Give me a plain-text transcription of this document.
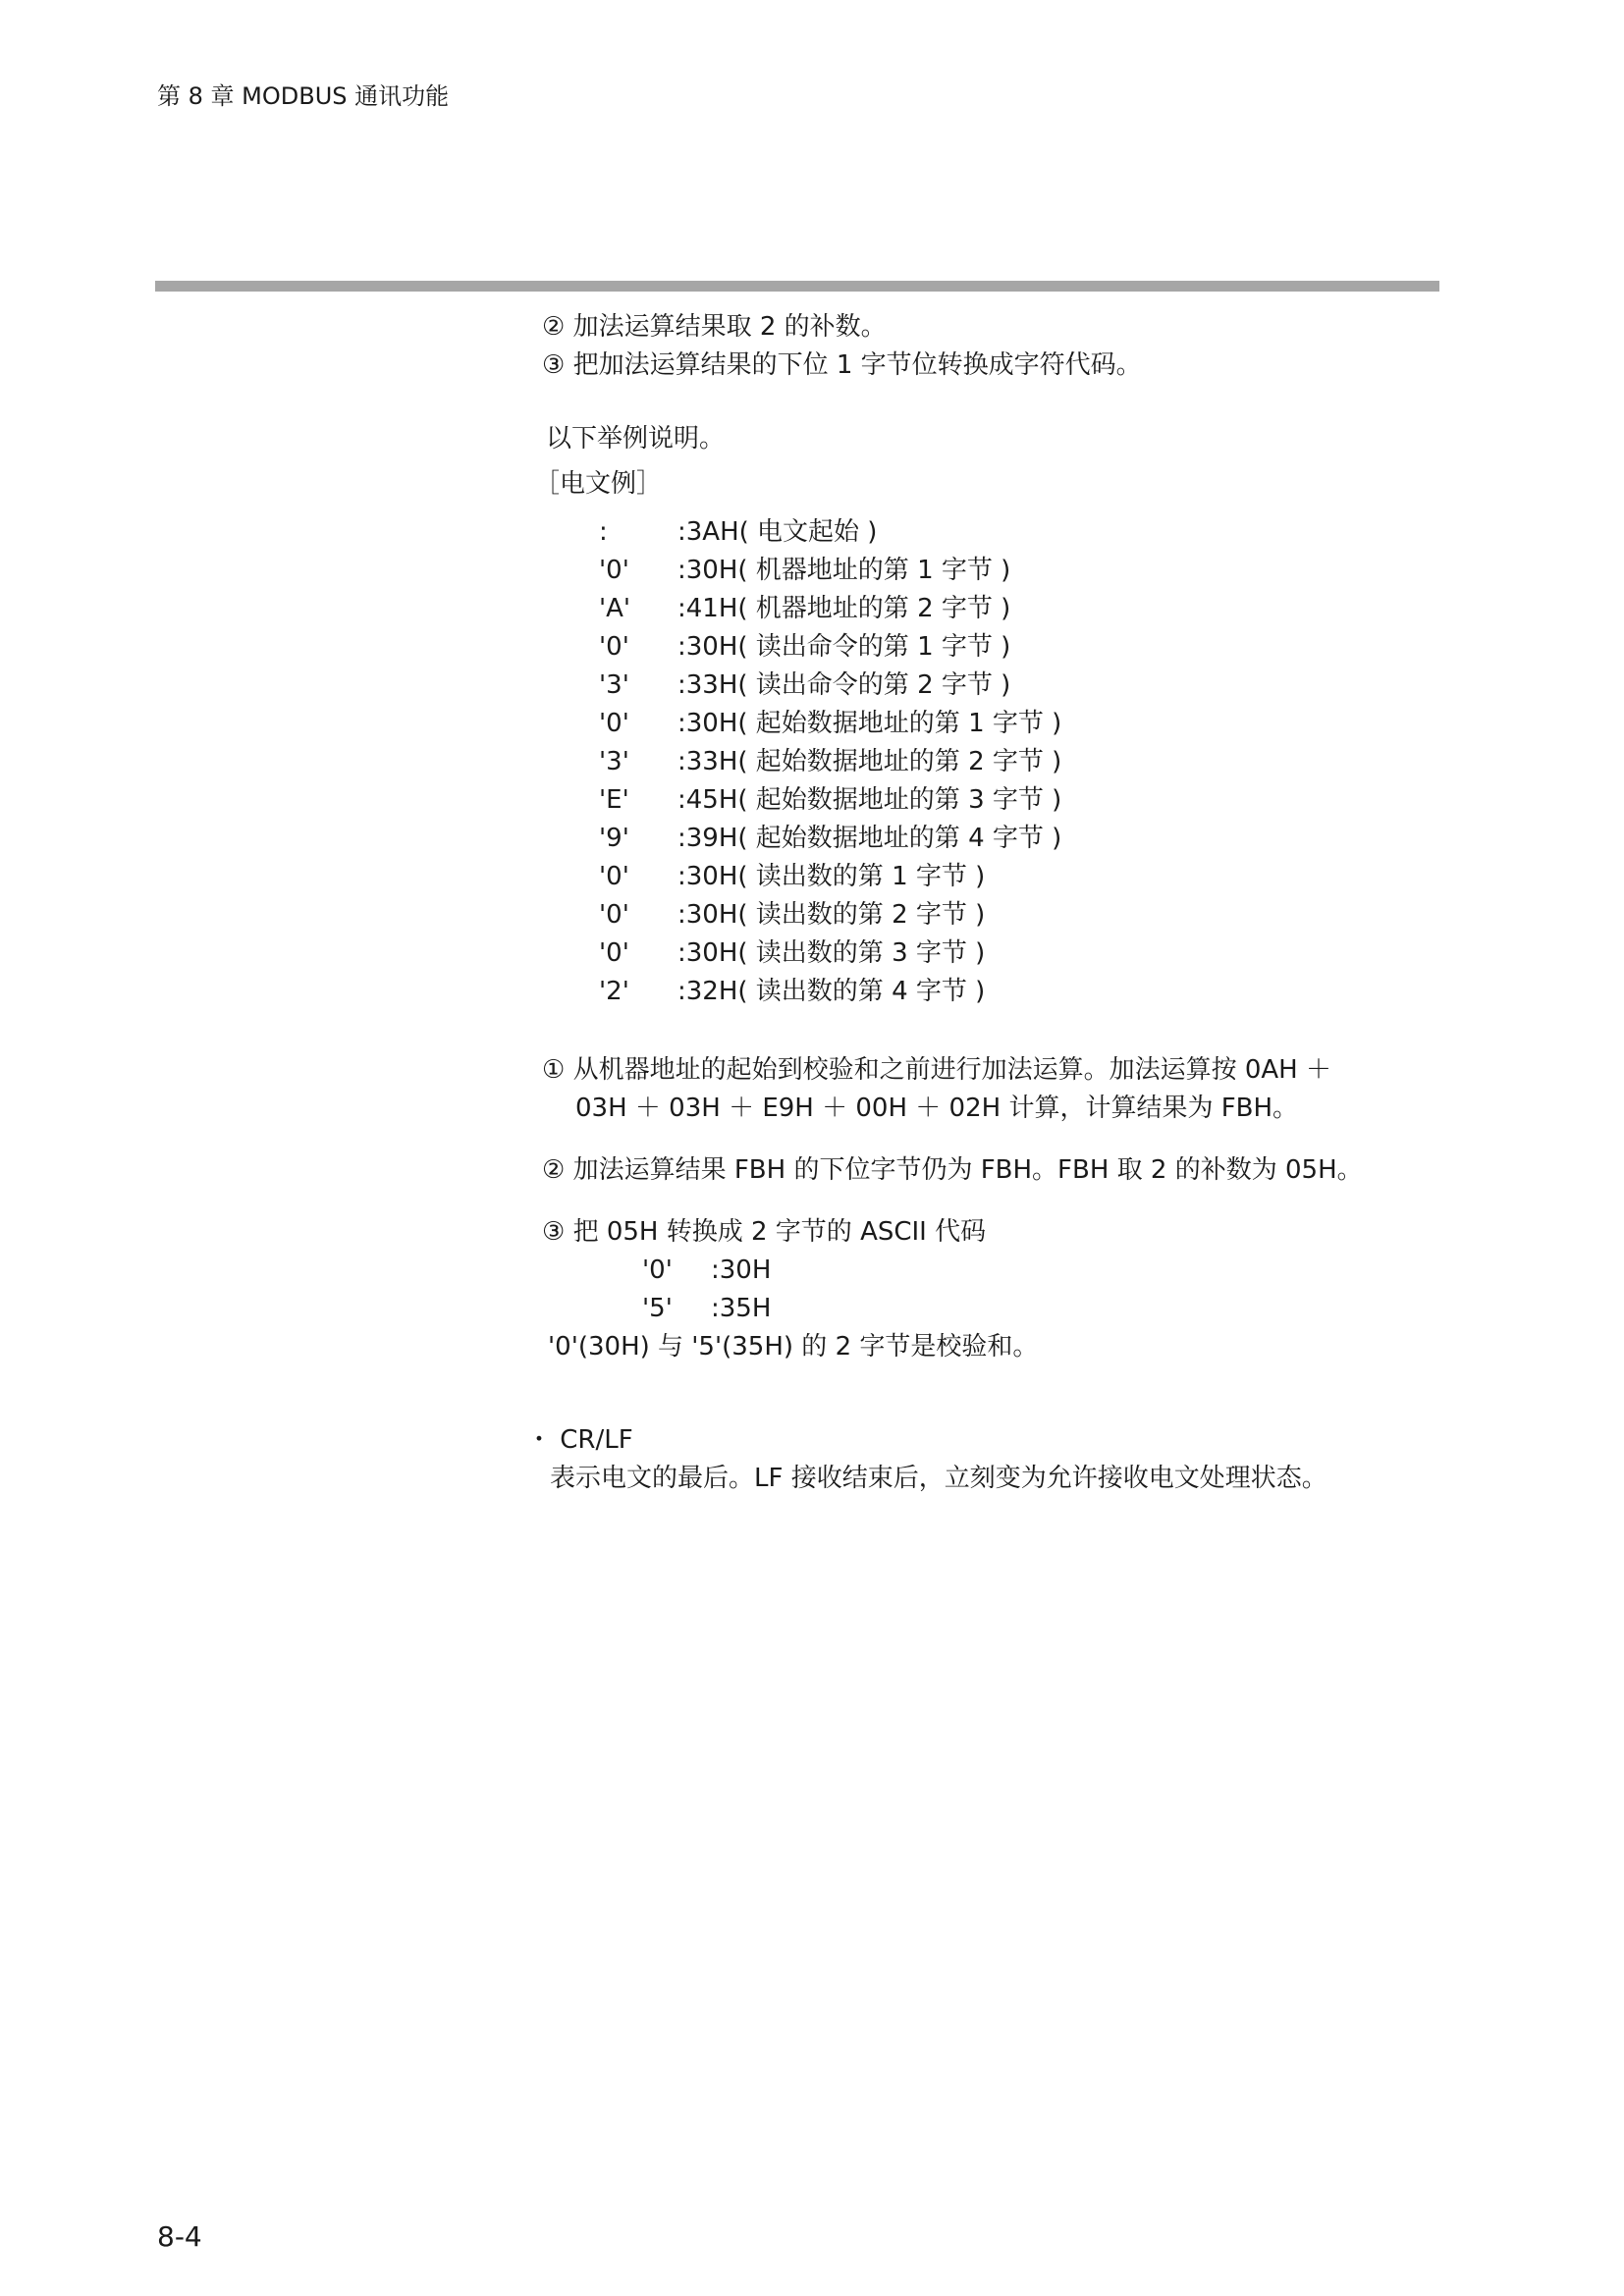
第 8 章 MODBUS 通讯功能
② 加法运算结果取 2 的补数。
③ 把加法运算结果的下位 1 字节位转换成字符代码。
以下举例说明。
［电文例］
:	:3AH( 电文起始 )
'0'	:30H( 机器地址的第 1 字节 )
'A'	:41H( 机器地址的第 2 字节 )
'0'	:30H( 读出命令的第 1 字节 )
'3'	:33H( 读出命令的第 2 字节 )
'0'	:30H( 起始数据地址的第 1 字节 )
'3'	:33H( 起始数据地址的第 2 字节 )
'E'	:45H( 起始数据地址的第 3 字节 )
'9'	:39H( 起始数据地址的第 4 字节 )
'0'	:30H( 读出数的第 1 字节 )
'0'	:30H( 读出数的第 2 字节 )
'0'	:30H( 读出数的第 3 字节 )
'2'	:32H( 读出数的第 4 字节 )
① 从机器地址的起始到校验和之前进行加法运算。加法运算按 0AH ＋
03H ＋ 03H ＋ E9H ＋ 00H ＋ 02H 计算，计算结果为 FBH。
② 加法运算结果 FBH 的下位字节仍为 FBH。FBH 取 2 的补数为 05H。
③ 把 05H 转换成 2 字节的 ASCII 代码
'0'	:30H
'5'	:35H
'0'(30H) 与 '5'(35H) 的 2 字节是校验和。
・ CR/LF
表示电文的最后。LF 接收结束后，立刻变为允许接收电文处理状态。
8-4
